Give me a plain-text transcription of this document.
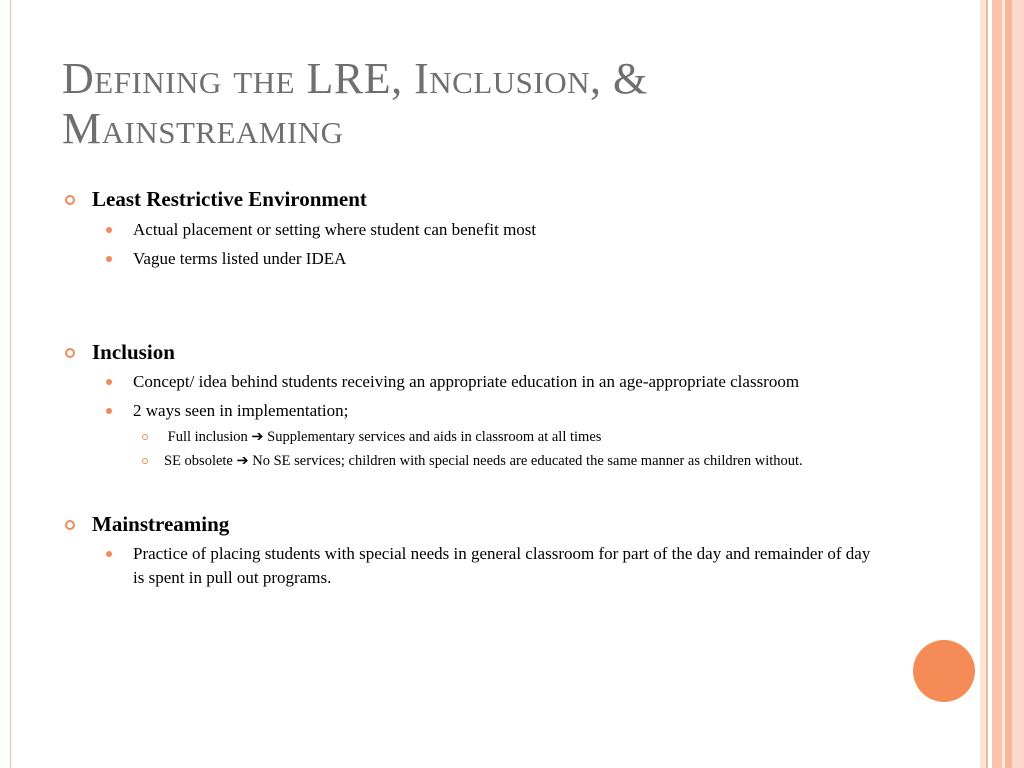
Defining the LRE, Inclusion, & Mainstreaming
Least Restrictive Environment
Actual placement or setting where student can benefit most
Vague terms listed under IDEA
Inclusion
Concept/ idea behind students receiving an appropriate education in an age-appropriate classroom
2 ways seen in implementation;
Full inclusion ➔ Supplementary services and aids in classroom at all times
SE obsolete ➔ No SE services; children with special needs are educated the same manner as children without.
Mainstreaming
Practice of placing students with special needs in general classroom for part of the day and remainder of day is spent in pull out programs.
